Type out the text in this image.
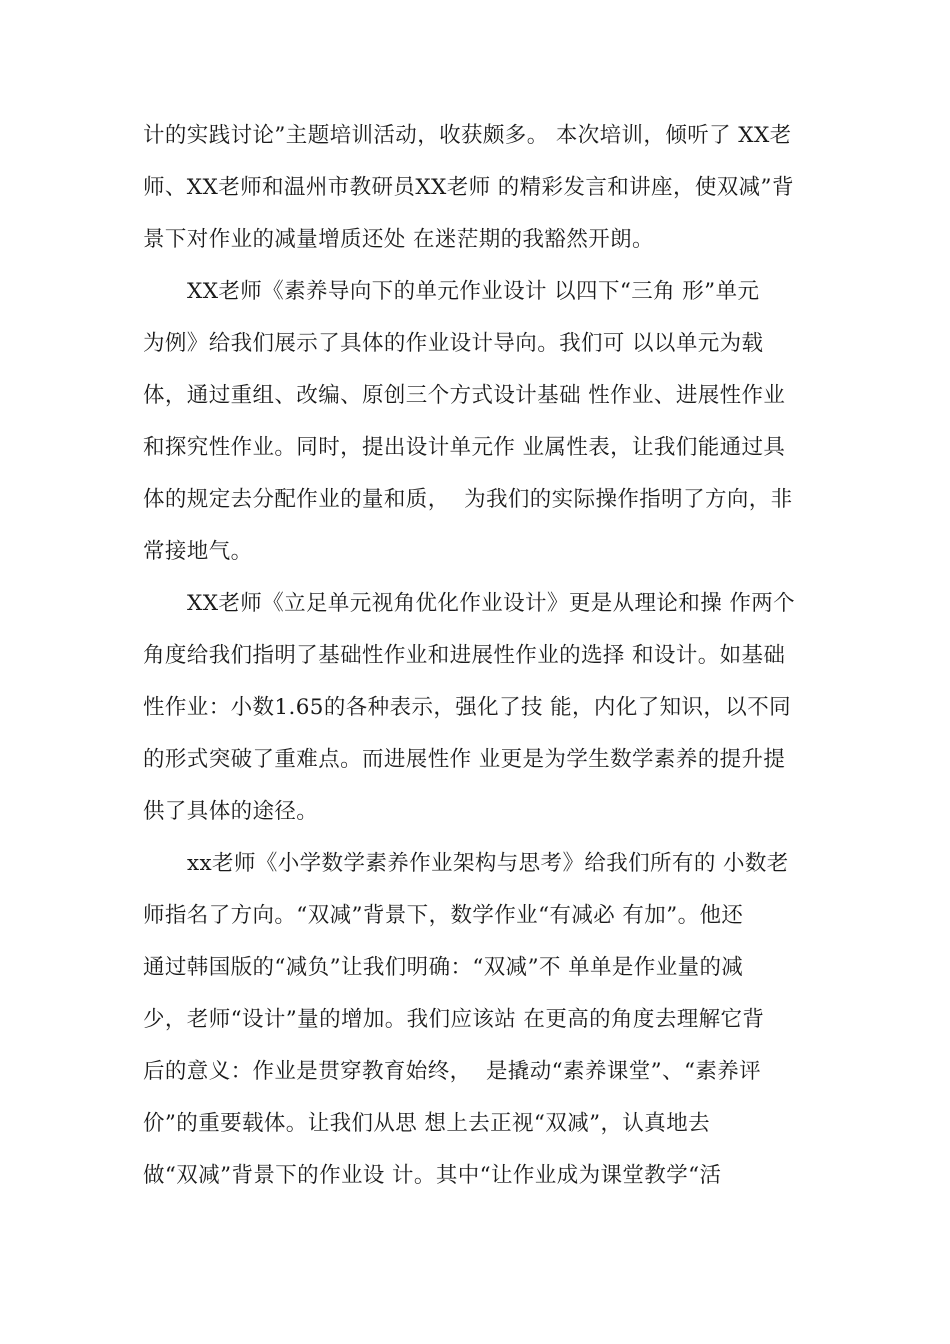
计的实践讨论”主题培训活动，收获颇多。 本次培训，倾听了 XX老
师、XX老师和温州市教研员XX老师 的精彩发言和讲座，使双减”背
景下对作业的减量增质还处 在迷茫期的我豁然开朗。
XX老师《素养导向下的单元作业设计 以四下“三角 形”单元
为例》给我们展示了具体的作业设计导向。我们可 以以单元为载
体，通过重组、改编、原创三个方式设计基础 性作业、进展性作业
和探究性作业。同时，提出设计单元作 业属性表，让我们能通过具
体的规定去分配作业的量和质，  为我们的实际操作指明了方向，非
常接地气。
XX老师《立足单元视角优化作业设计》更是从理论和操 作两个
角度给我们指明了基础性作业和进展性作业的选择 和设计。如基础
性作业：小数1.65的各种表示，强化了技 能，内化了知识，以不同
的形式突破了重难点。而进展性作 业更是为学生数学素养的提升提
供了具体的途径。
xx老师《小学数学素养作业架构与思考》给我们所有的 小数老
师指名了方向。“双减”背景下，数学作业“有减必 有加”。他还
通过韩国版的“减负”让我们明确：“双减”不 单单是作业量的减
少，老师“设计”量的增加。我们应该站 在更高的角度去理解它背
后的意义：作业是贯穿教育始终，  是撬动“素养课堂”、“素养评
价”的重要载体。让我们从思 想上去正视“双减”，认真地去
做“双减”背景下的作业设 计。其中“让作业成为课堂教学“活
